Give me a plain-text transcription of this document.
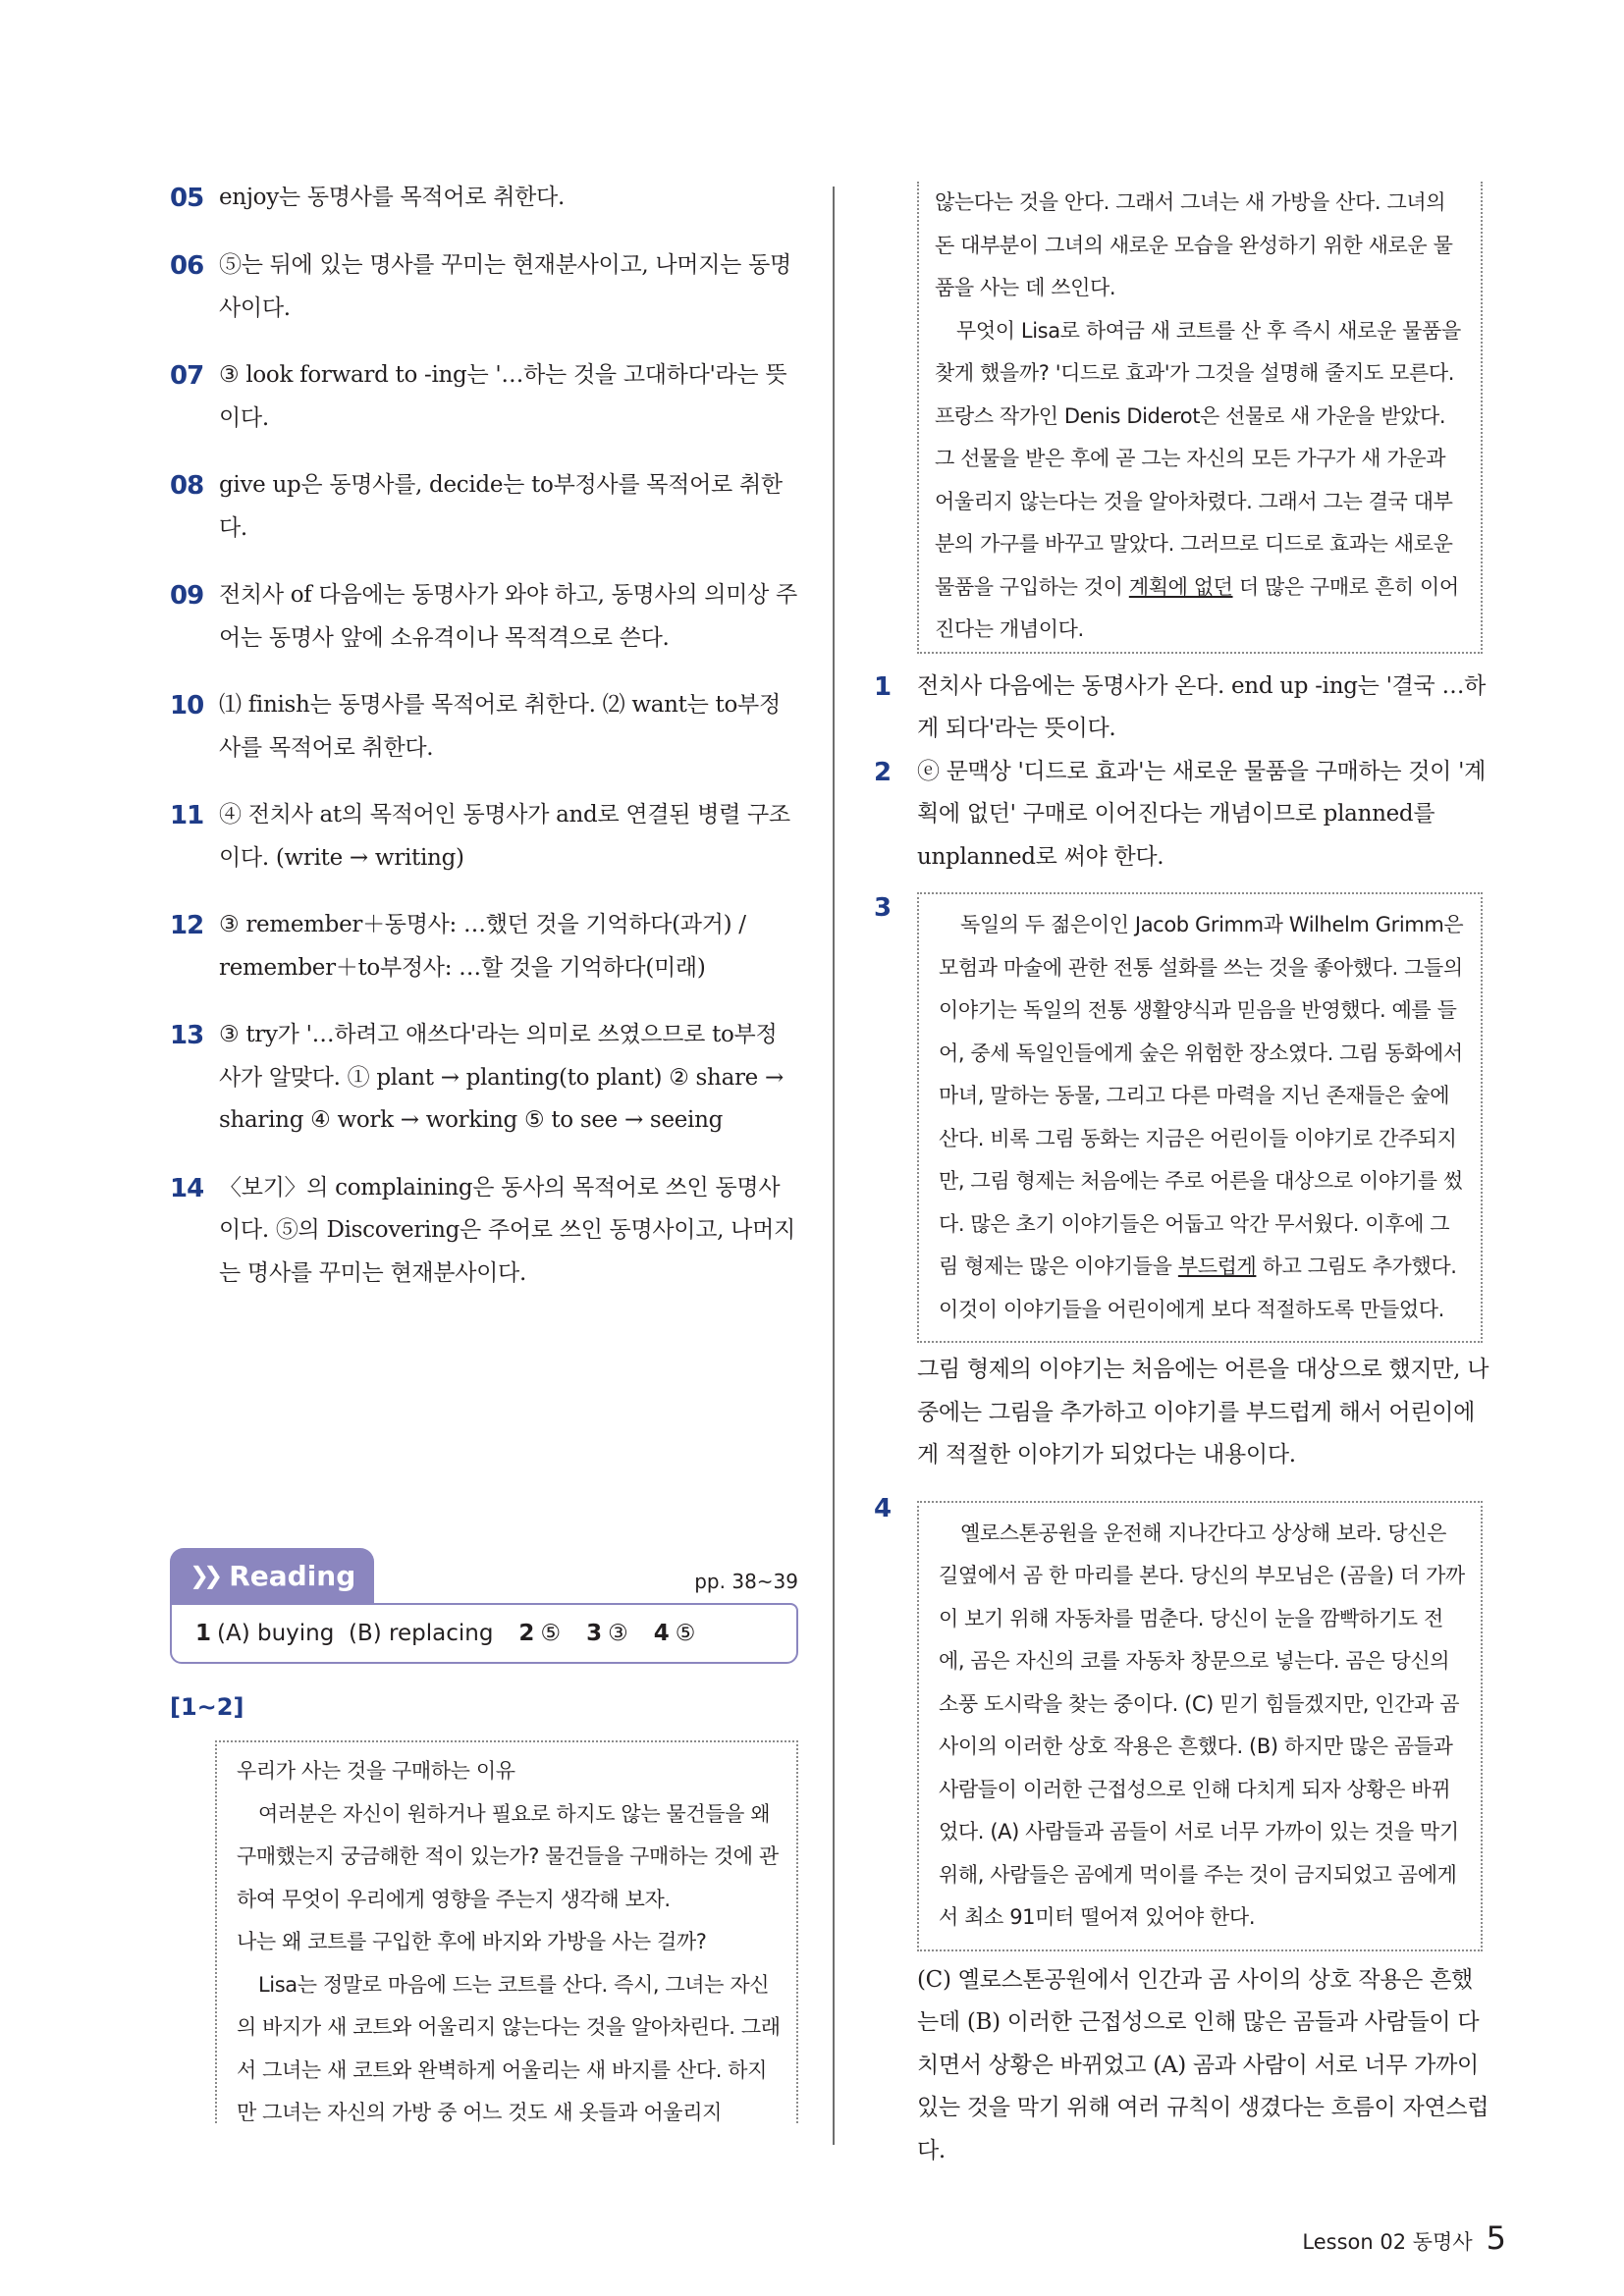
05 enjoy는 동명사를 목적어로 취한다.
06 ⑤는 뒤에 있는 명사를 꾸미는 현재분사이고, 나머지는 동명사이다.
07 ③ look forward to -ing는 '…하는 것을 고대하다'라는 뜻이다.
08 give up은 동명사를, decide는 to부정사를 목적어로 취한다.
09 전치사 of 다음에는 동명사가 와야 하고, 동명사의 의미상 주어는 동명사 앞에 소유격이나 목적격으로 쓴다.
10 ⑴ finish는 동명사를 목적어로 취한다. ⑵ want는 to부정사를 목적어로 취한다.
11 ④ 전치사 at의 목적어인 동명사가 and로 연결된 병렬 구조이다. (write → writing)
12 ③ remember＋동명사: …했던 것을 기억하다(과거) / remember＋to부정사: …할 것을 기억하다(미래)
13 ③ try가 '…하려고 애쓰다'라는 의미로 쓰였으므로 to부정사가 알맞다. ① plant → planting(to plant) ② share → sharing ④ work → working ⑤ to see → seeing
14 〈보기〉의 complaining은 동사의 목적어로 쓰인 동명사이다. ⑤의 Discovering은 주어로 쓰인 동명사이고, 나머지는 명사를 꾸미는 현재분사이다.
❯❯ Reading	pp. 38~39
1 (A) buying  (B) replacing 2 ⑤ 3 ③ 4 ⑤
[1~2]

우리가 사는 것을 구매하는 이유

여러분은 자신이 원하거나 필요로 하지도 않는 물건들을 왜 구매했는지 궁금해한 적이 있는가? 물건들을 구매하는 것에 관하여 무엇이 우리에게 영향을 주는지 생각해 보자.

나는 왜 코트를 구입한 후에 바지와 가방을 사는 걸까?

Lisa는 정말로 마음에 드는 코트를 산다. 즉시, 그녀는 자신의 바지가 새 코트와 어울리지 않는다는 것을 알아차린다. 그래서 그녀는 새 코트와 완벽하게 어울리는 새 바지를 산다. 하지만 그녀는 자신의 가방 중 어느 것도 새 옷들과 어울리지

않는다는 것을 안다. 그래서 그녀는 새 가방을 산다. 그녀의 돈 대부분이 그녀의 새로운 모습을 완성하기 위한 새로운 물품을 사는 데 쓰인다.

무엇이 Lisa로 하여금 새 코트를 산 후 즉시 새로운 물품을 찾게 했을까? '디드로 효과'가 그것을 설명해 줄지도 모른다. 프랑스 작가인 Denis Diderot은 선물로 새 가운을 받았다. 그 선물을 받은 후에 곧 그는 자신의 모든 가구가 새 가운과 어울리지 않는다는 것을 알아차렸다. 그래서 그는 결국 대부분의 가구를 바꾸고 말았다. 그러므로 디드로 효과는 새로운 물품을 구입하는 것이 계획에 없던 더 많은 구매로 흔히 이어진다는 개념이다.

1	전치사 다음에는 동명사가 온다. end up -ing는 '결국 …하게 되다'라는 뜻이다.
2	ⓔ 문맥상 '디드로 효과'는 새로운 물품을 구매하는 것이 '계획에 없던' 구매로 이어진다는 개념이므로 planned를 unplanned로 써야 한다.
3

독일의 두 젊은이인 Jacob Grimm과 Wilhelm Grimm은 모험과 마술에 관한 전통 설화를 쓰는 것을 좋아했다. 그들의 이야기는 독일의 전통 생활양식과 믿음을 반영했다. 예를 들어, 중세 독일인들에게 숲은 위험한 장소였다. 그림 동화에서 마녀, 말하는 동물, 그리고 다른 마력을 지닌 존재들은 숲에 산다. 비록 그림 동화는 지금은 어린이들 이야기로 간주되지만, 그림 형제는 처음에는 주로 어른을 대상으로 이야기를 썼다. 많은 초기 이야기들은 어둡고 악간 무서웠다. 이후에 그림 형제는 많은 이야기들을 부드럽게 하고 그림도 추가했다. 이것이 이야기들을 어린이에게 보다 적절하도록 만들었다.

그림 형제의 이야기는 처음에는 어른을 대상으로 했지만, 나중에는 그림을 추가하고 이야기를 부드럽게 해서 어린이에게 적절한 이야기가 되었다는 내용이다.
4

옐로스톤공원을 운전해 지나간다고 상상해 보라. 당신은 길옆에서 곰 한 마리를 본다. 당신의 부모님은 (곰을) 더 가까이 보기 위해 자동차를 멈춘다. 당신이 눈을 깜빡하기도 전에, 곰은 자신의 코를 자동차 창문으로 넣는다. 곰은 당신의 소풍 도시락을 찾는 중이다. (C) 믿기 힘들겠지만, 인간과 곰 사이의 이러한 상호 작용은 흔했다. (B) 하지만 많은 곰들과 사람들이 이러한 근접성으로 인해 다치게 되자 상황은 바뀌었다. (A) 사람들과 곰들이 서로 너무 가까이 있는 것을 막기 위해, 사람들은 곰에게 먹이를 주는 것이 금지되었고 곰에게서 최소 91미터 떨어져 있어야 한다.

(C) 옐로스톤공원에서 인간과 곰 사이의 상호 작용은 흔했는데 (B) 이러한 근접성으로 인해 많은 곰들과 사람들이 다치면서 상황은 바뀌었고 (A) 곰과 사람이 서로 너무 가까이 있는 것을 막기 위해 여러 규칙이 생겼다는 흐름이 자연스럽다.
Lesson 02 동명사 5
